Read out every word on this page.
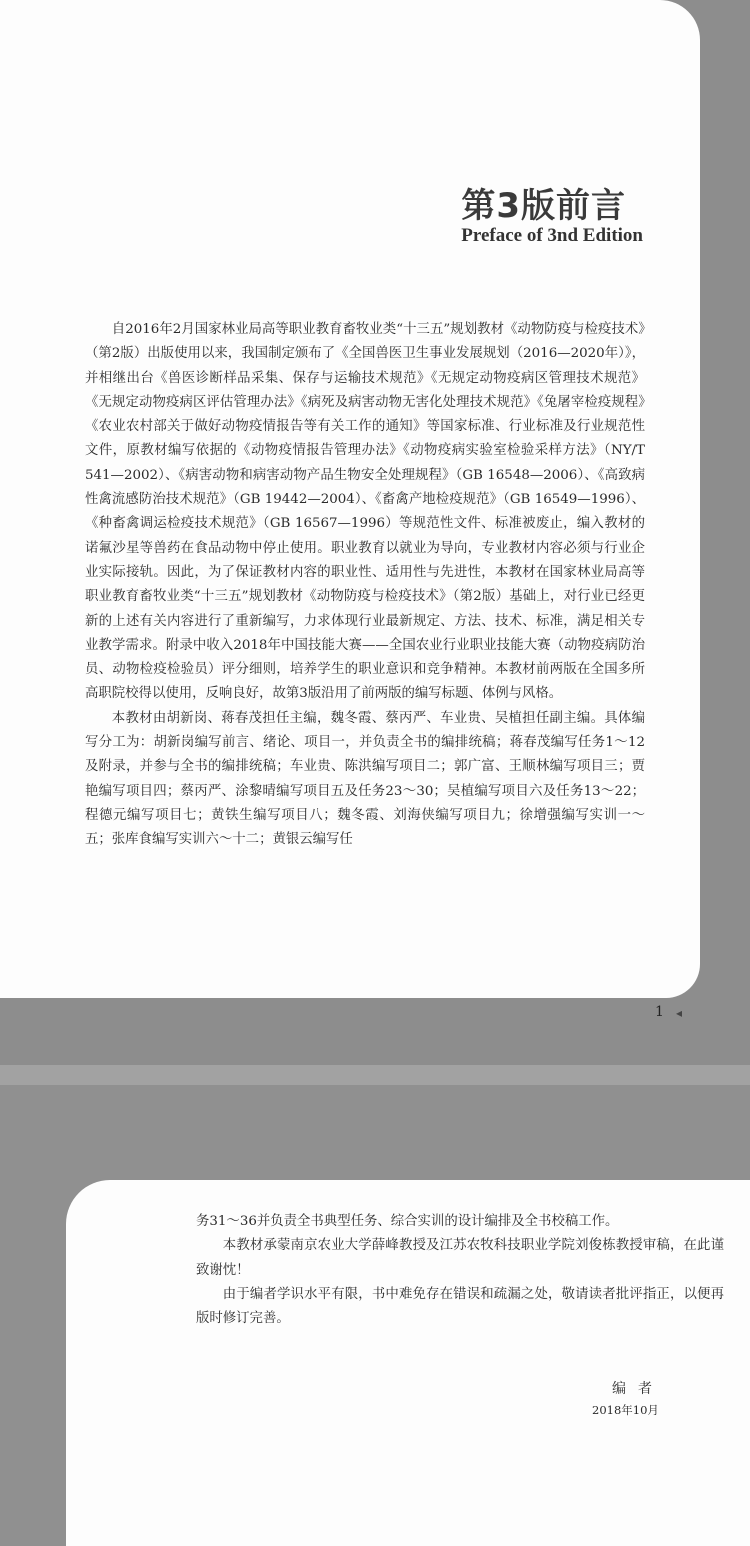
第3版前言
Preface of 3nd Edition

自2016年2月国家林业局高等职业教育畜牧业类“十三五”规划教材《动物防疫与检疫技术》（第2版）出版使用以来，我国制定颁布了《全国兽医卫生事业发展规划（2016—2020年）》，并相继出台《兽医诊断样品采集、保存与运输技术规范》《无规定动物疫病区管理技术规范》《无规定动物疫病区评估管理办法》《病死及病害动物无害化处理技术规范》《兔屠宰检疫规程》《农业农村部关于做好动物疫情报告等有关工作的通知》等国家标准、行业标准及行业规范性文件，原教材编写依据的《动物疫情报告管理办法》《动物疫病实验室检验采样方法》（NY/T 541—2002）、《病害动物和病害动物产品生物安全处理规程》（GB 16548—2006）、《高致病性禽流感防治技术规范》（GB 19442—2004）、《畜禽产地检疫规范》（GB 16549—1996）、《种畜禽调运检疫技术规范》（GB 16567—1996）等规范性文件、标准被废止，编入教材的诺氟沙星等兽药在食品动物中停止使用。职业教育以就业为导向，专业教材内容必须与行业企业实际接轨。因此，为了保证教材内容的职业性、适用性与先进性，本教材在国家林业局高等职业教育畜牧业类“十三五”规划教材《动物防疫与检疫技术》（第2版）基础上，对行业已经更新的上述有关内容进行了重新编写，力求体现行业最新规定、方法、技术、标准，满足相关专业教学需求。附录中收入2018年中国技能大赛——全国农业行业职业技能大赛（动物疫病防治员、动物检疫检验员）评分细则，培养学生的职业意识和竞争精神。本教材前两版在全国多所高职院校得以使用，反响良好，故第3版沿用了前两版的编写标题、体例与风格。

本教材由胡新岗、蒋春茂担任主编，魏冬霞、蔡丙严、车业贵、吴植担任副主编。具体编写分工为：胡新岗编写前言、绪论、项目一，并负责全书的编排统稿；蒋春茂编写任务1～12及附录，并参与全书的编排统稿；车业贵、陈洪编写项目二；郭广富、王顺林编写项目三；贾艳编写项目四；蔡丙严、涂黎晴编写项目五及任务23～30；吴植编写项目六及任务13～22；程德元编写项目七；黄铁生编写项目八；魏冬霞、刘海侠编写项目九；徐增强编写实训一～五；张库食编写实训六～十二；黄银云编写任

1 ◂

务31～36并负责全书典型任务、综合实训的设计编排及全书校稿工作。

本教材承蒙南京农业大学薛峰教授及江苏农牧科技职业学院刘俊栋教授审稿，在此谨致谢忱！

由于编者学识水平有限，书中难免存在错误和疏漏之处，敬请读者批评指正，以便再版时修订完善。

编者
2018年10月
